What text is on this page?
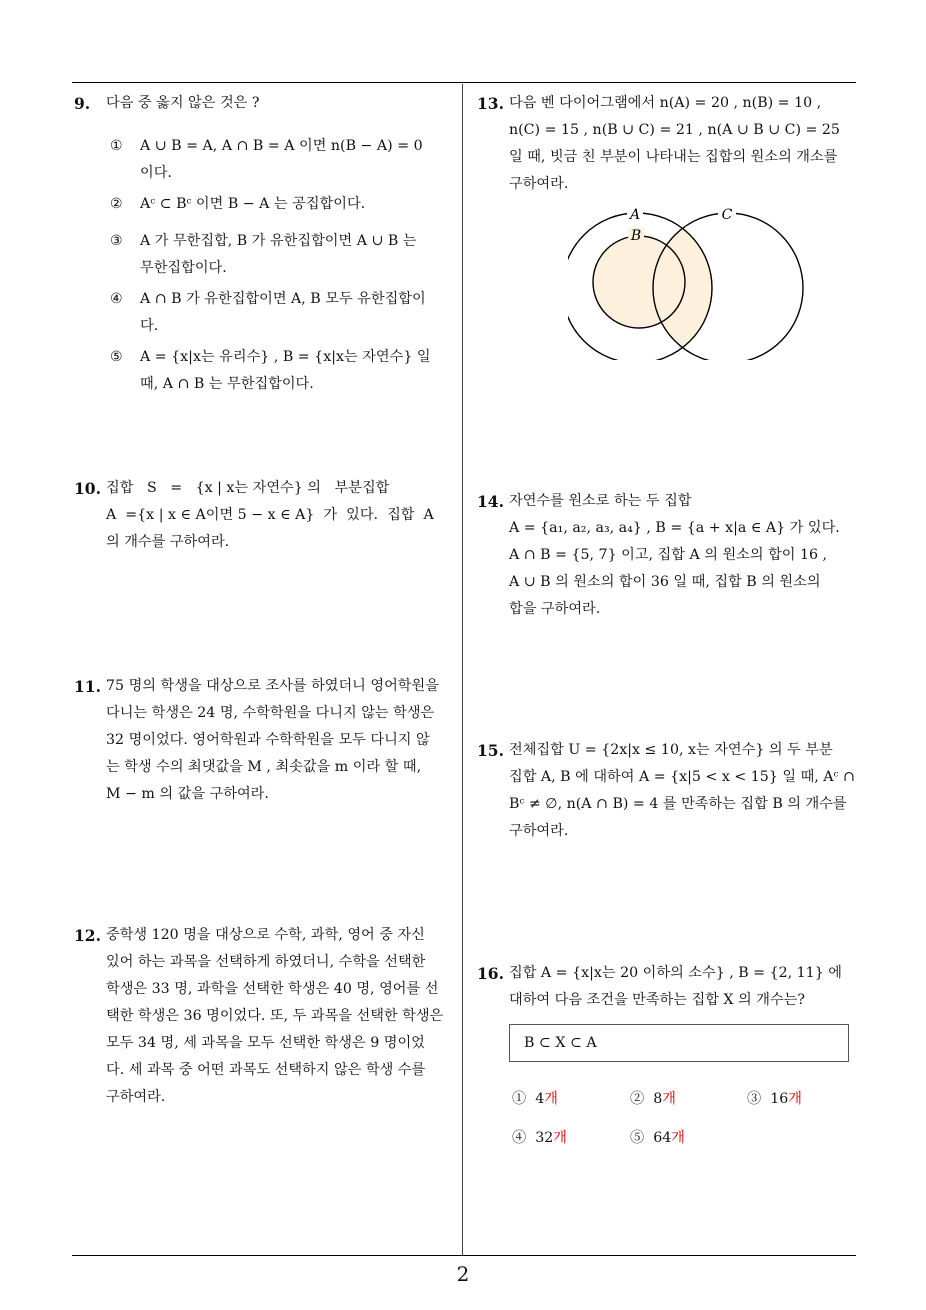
2
9. 다음 중 옳지 않은 것은 ?
① A ∪ B = A, A ∩ B = A 이면 n(B − A) = 0
이다.
② Aᶜ ⊂ Bᶜ 이면 B − A 는 공집합이다.
③ A 가 무한집합, B 가 유한집합이면 A ∪ B 는
무한집합이다.
④ A ∩ B 가 유한집합이면 A, B 모두 유한집합이
다.
⑤ A = {x|x는 유리수} , B = {x|x는 자연수} 일
때, A ∩ B 는 무한집합이다.
10. 집합   S   =   {x | x는 자연수} 의   부분집합
A  ={x | x ∈ A이면 5 − x ∈ A}  가  있다.  집합  A
의 개수를 구하여라.
11. 75 명의 학생을 대상으로 조사를 하였더니 영어학원을
다니는 학생은 24 명, 수학학원을 다니지 않는 학생은
32 명이었다. 영어학원과 수학학원을 모두 다니지 않
는 학생 수의 최댓값을 M , 최솟값을 m 이라 할 때,
M − m 의 값을 구하여라.
12. 중학생 120 명을 대상으로 수학, 과학, 영어 중 자신
있어 하는 과목을 선택하게 하였더니, 수학을 선택한
학생은 33 명, 과학을 선택한 학생은 40 명, 영어를 선
택한 학생은 36 명이었다. 또, 두 과목을 선택한 학생은
모두 34 명, 세 과목을 모두 선택한 학생은 9 명이었
다. 세 과목 중 어떤 과목도 선택하지 않은 학생 수를
구하여라.
13. 다음 벤 다이어그램에서 n(A) = 20 , n(B) = 10 ,
n(C) = 15 , n(B ∪ C) = 21 , n(A ∪ B ∪ C) = 25
일 때, 빗금 친 부분이 나타내는 집합의 원소의 개소를
구하여라.
A
B
C
14. 자연수를 원소로 하는 두 집합
A = {a₁, a₂, a₃, a₄} , B = {a + x|a ∈ A} 가 있다.
A ∩ B = {5, 7} 이고, 집합 A 의 원소의 합이 16 ,
A ∪ B 의 원소의 합이 36 일 때, 집합 B 의 원소의
합을 구하여라.
15. 전체집합 U = {2x|x ≤ 10, x는 자연수} 의 두 부분
집합 A, B 에 대하여 A = {x|5 < x < 15} 일 때, Aᶜ ∩
Bᶜ ≠ ∅, n(A ∩ B) = 4 를 만족하는 집합 B 의 개수를
구하여라.
16. 집합 A = {x|x는 20 이하의 소수} , B = {2, 11} 에
대하여 다음 조건을 만족하는 집합 X 의 개수는?
B ⊂ X ⊂ A
① 4개	② 8개	③ 16개
④ 32개	⑤ 64개
